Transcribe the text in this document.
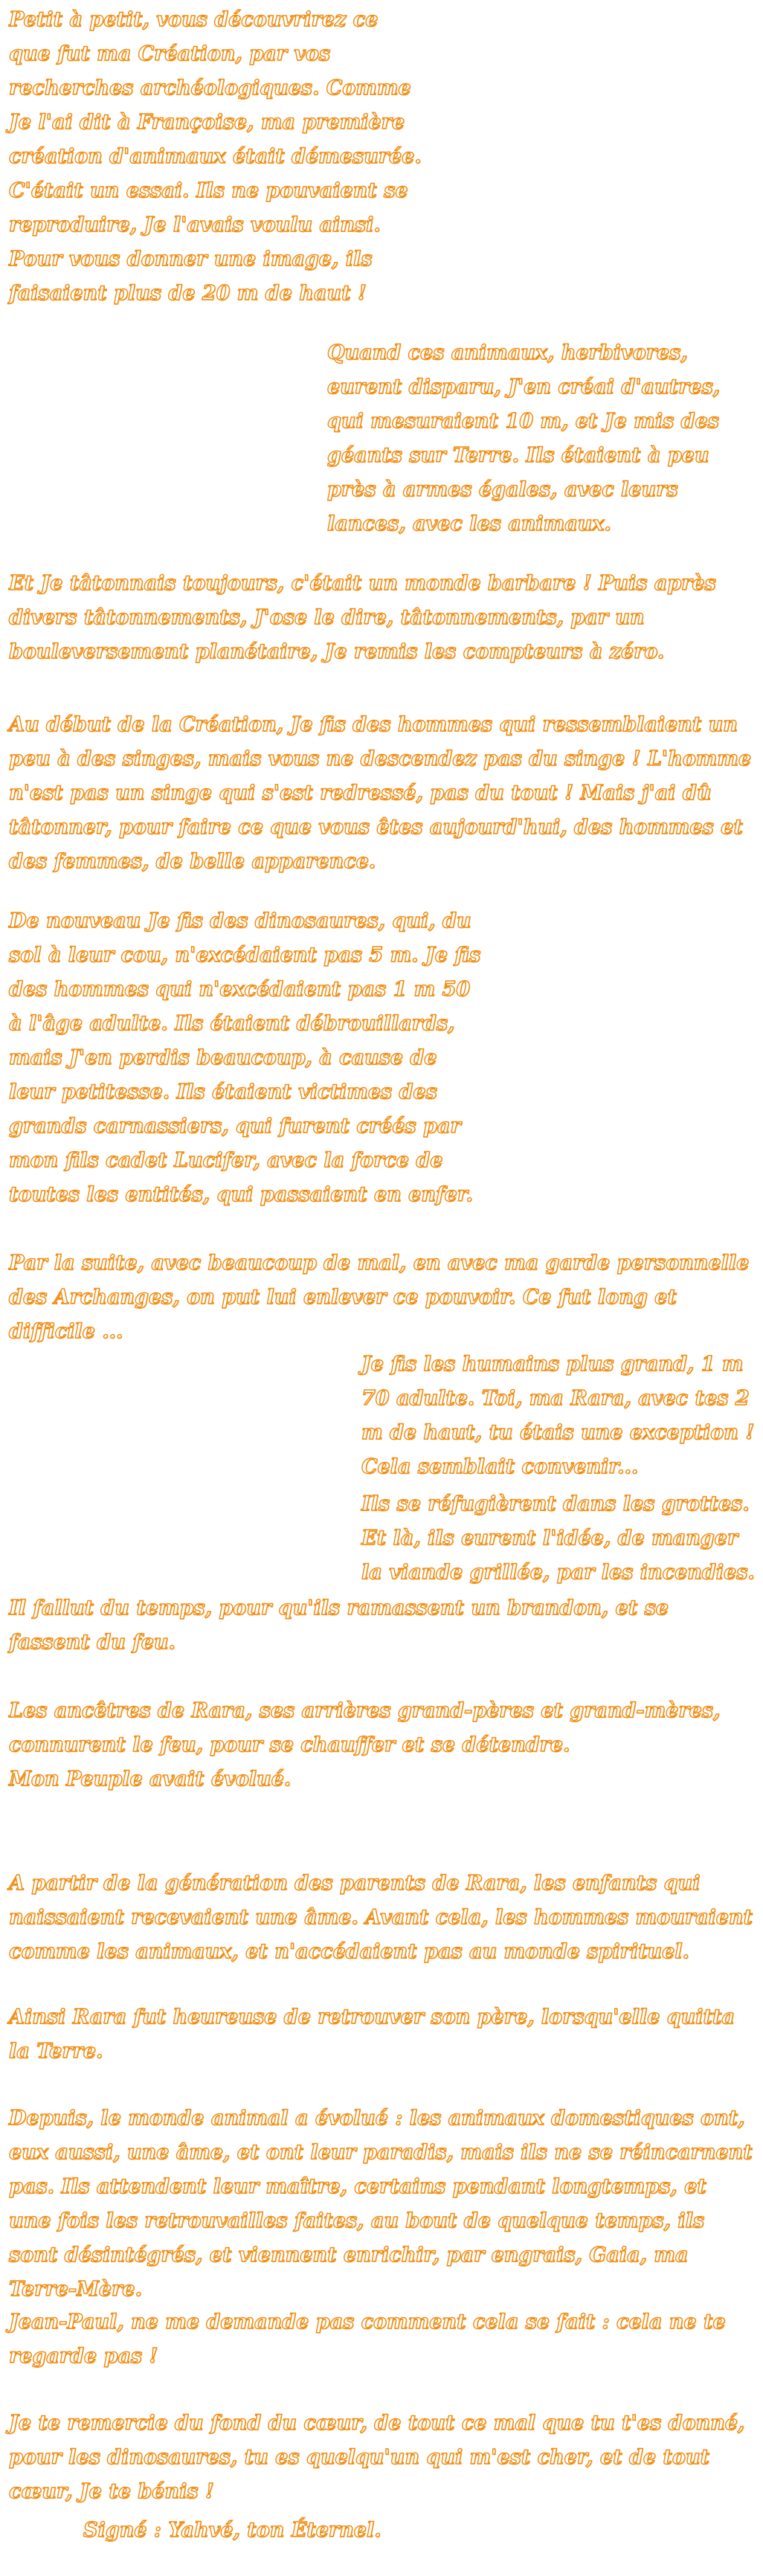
Petit à petit, vous découvrirez ce que fut ma Création, par vos recherches archéologiques. Comme Je l'ai dit à Françoise, ma première création d'animaux était démesurée. C'était un essai. Ils ne pouvaient se reproduire, Je l'avais voulu ainsi. Pour vous donner une image, ils faisaient plus de 20 m de haut !
Quand ces animaux, herbivores, eurent disparu, J'en créai d'autres, qui mesuraient 10 m, et Je mis des géants sur Terre. Ils étaient à peu près à armes égales, avec leurs lances, avec les animaux.
Et Je tâtonnais toujours, c'était un monde barbare ! Puis après divers tâtonnements, J'ose le dire, tâtonnements, par un bouleversement planétaire, Je remis les compteurs à zéro.
Au début de la Création, Je fis des hommes qui ressemblaient un peu à des singes, mais vous ne descendez pas du singe ! L'homme n'est pas un singe qui s'est redressé, pas du tout ! Mais j'ai dû tâtonner, pour faire ce que vous êtes aujourd'hui, des hommes et des femmes, de belle apparence.
De nouveau Je fis des dinosaures, qui, du sol à leur cou, n'excédaient pas 5 m. Je fis des hommes qui n'excédaient pas 1 m 50 à l'âge adulte. Ils étaient débrouillards, mais J'en perdis beaucoup, à cause de leur petitesse. Ils étaient victimes des grands carnassiers, qui furent créés par mon fils cadet Lucifer, avec la force de toutes les entités, qui passaient en enfer.
Par la suite, avec beaucoup de mal, en avec ma garde personnelle des Archanges, on put lui enlever ce pouvoir. Ce fut long et difficile ...
Je fis les humains plus grand, 1 m 70 adulte. Toi, ma Rara, avec tes 2 m de haut, tu étais une exception ! Cela semblait convenir...
Ils se réfugièrent dans les grottes. Et là, ils eurent l'idée, de manger la viande grillée, par les incendies.
Il fallut du temps, pour qu'ils ramassent un brandon, et se fassent du feu.
Les ancêtres de Rara, ses arrières grand-pères et grand-mères, connurent le feu, pour se chauffer et se détendre.
Mon Peuple avait évolué.
A partir de la génération des parents de Rara, les enfants qui naissaient recevaient une âme. Avant cela, les hommes mouraient comme les animaux, et n'accédaient pas au monde spirituel.
Ainsi Rara fut heureuse de retrouver son père, lorsqu'elle quitta la Terre.
Depuis, le monde animal a évolué : les animaux domestiques ont, eux aussi, une âme, et ont leur paradis, mais ils ne se réincarnent pas. Ils attendent leur maître, certains pendant longtemps, et une fois les retrouvailles faites, au bout de quelque temps, ils sont désintégrés, et viennent enrichir, par engrais, Gaia, ma Terre-Mère.
Jean-Paul, ne me demande pas comment cela se fait : cela ne te regarde pas !
Je te remercie du fond du cœur, de tout ce mal que tu t'es donné, pour les dinosaures, tu es quelqu'un qui m'est cher, et de tout cœur, Je te bénis !
Signé : Yahvé, ton Éternel.
